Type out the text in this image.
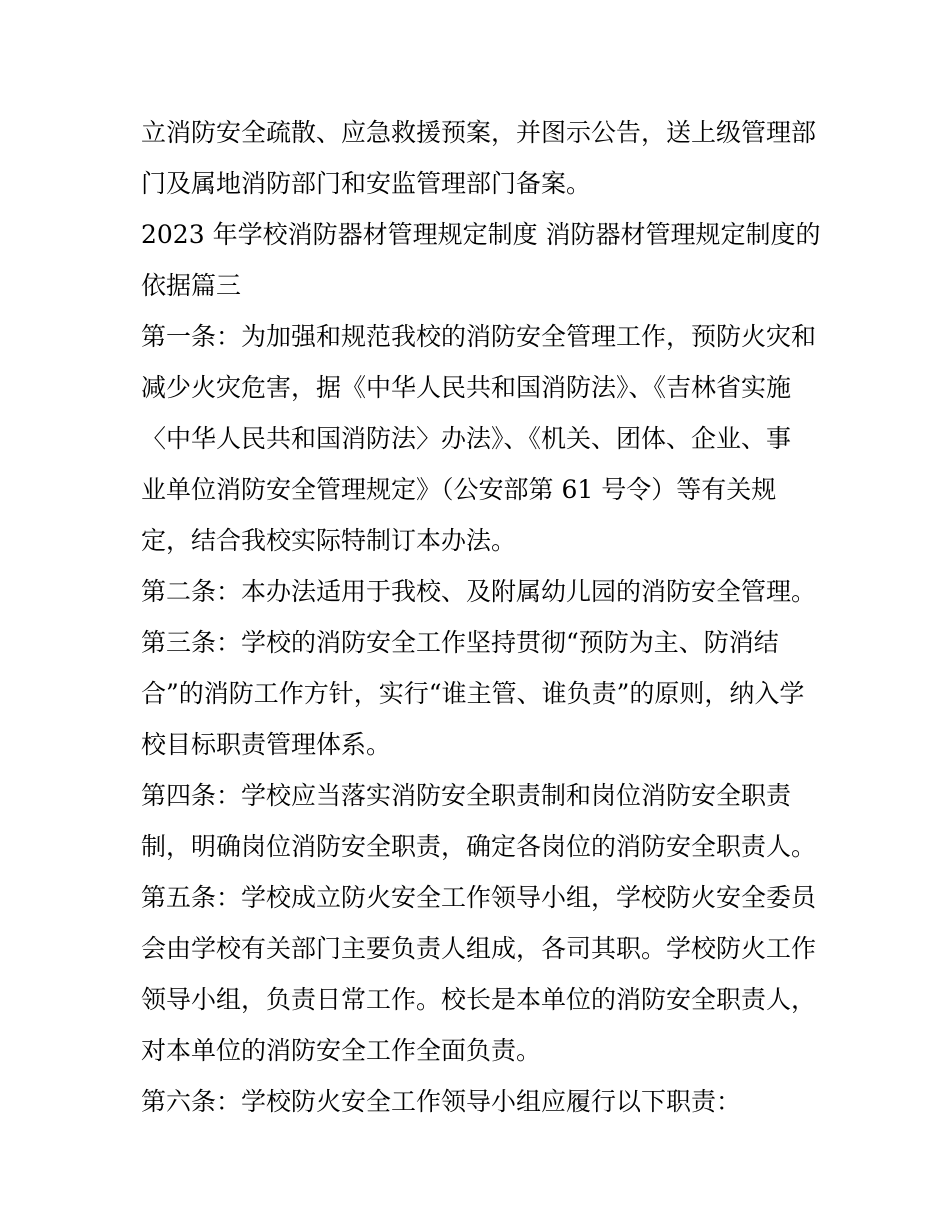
立消防安全疏散、应急救援预案，并图示公告，送上级管理部
门及属地消防部门和安监管理部门备案。
2023 年学校消防器材管理规定制度 消防器材管理规定制度的
依据篇三
第一条：为加强和规范我校的消防安全管理工作，预防火灾和
减少火灾危害，据《中华人民共和国消防法》、《吉林省实施
〈中华人民共和国消防法〉办法》、《机关、团体、企业、事
业单位消防安全管理规定》（公安部第 61 号令）等有关规
定，结合我校实际特制订本办法。
第二条：本办法适用于我校、及附属幼儿园的消防安全管理。
第三条：学校的消防安全工作坚持贯彻“预防为主、防消结
合”的消防工作方针，实行“谁主管、谁负责”的原则，纳入学
校目标职责管理体系。
第四条：学校应当落实消防安全职责制和岗位消防安全职责
制，明确岗位消防安全职责，确定各岗位的消防安全职责人。
第五条：学校成立防火安全工作领导小组，学校防火安全委员
会由学校有关部门主要负责人组成，各司其职。学校防火工作
领导小组，负责日常工作。校长是本单位的消防安全职责人，
对本单位的消防安全工作全面负责。
第六条：学校防火安全工作领导小组应履行以下职责：
